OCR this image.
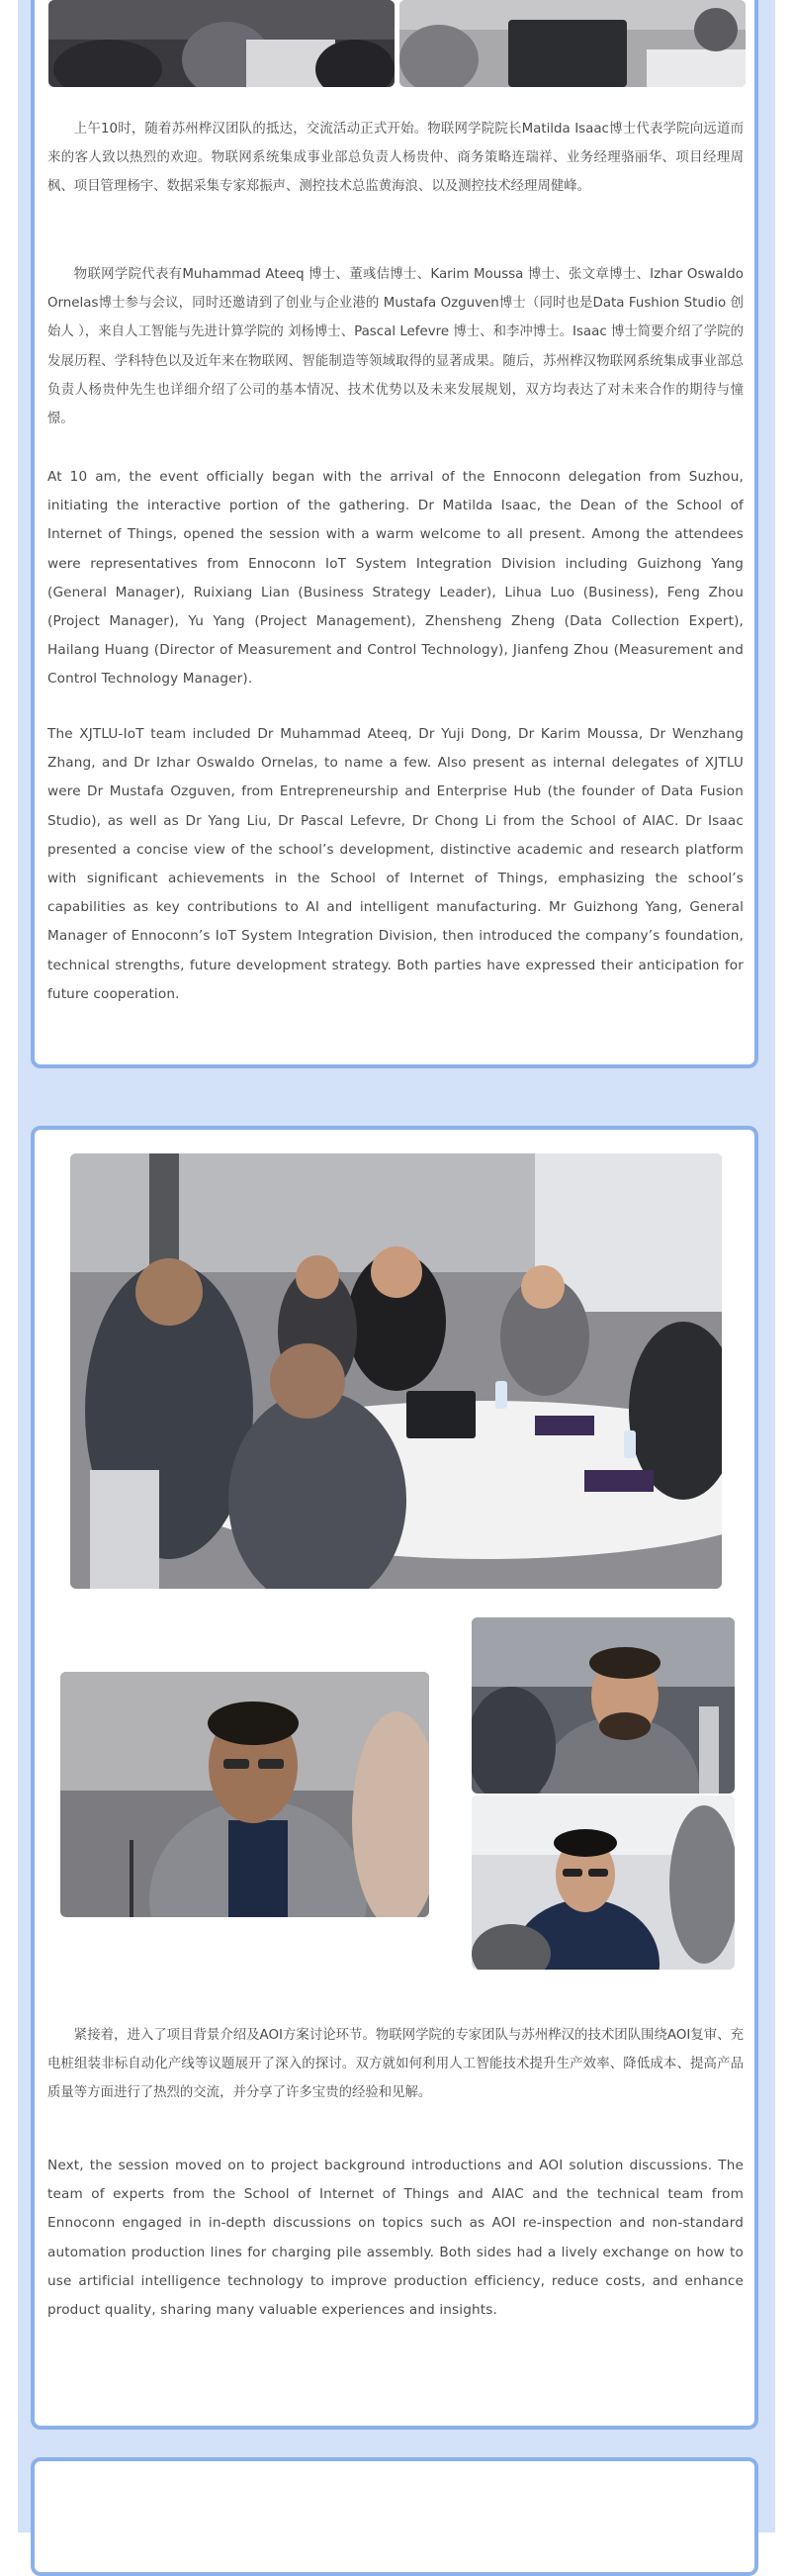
上午10时，随着苏州桦汉团队的抵达，交流活动正式开始。物联网学院院长Matilda Isaac博士代表学院向远道而来的客人致以热烈的欢迎。物联网系统集成事业部总负责人杨贵仲、商务策略连瑞祥、业务经理骆丽华、项目经理周枫、项目管理杨宇、数据采集专家郑振声、测控技术总监黄海浪、以及测控技术经理周健峰。

物联网学院代表有Muhammad Ateeq 博士、董彧佶博士、Karim Moussa 博士、张文章博士、Izhar Oswaldo Ornelas博士参与会议，同时还邀请到了创业与企业港的 Mustafa Ozguven博士（同时也是Data Fushion Studio 创始人 ），来自人工智能与先进计算学院的 刘杨博士、Pascal Lefevre 博士、和李冲博士。Isaac 博士简要介绍了学院的发展历程、学科特色以及近年来在物联网、智能制造等领域取得的显著成果。随后，苏州桦汉物联网系统集成事业部总负责人杨贵仲先生也详细介绍了公司的基本情况、技术优势以及未来发展规划，双方均表达了对未来合作的期待与憧憬。

At 10 am, the event officially began with the arrival of the Ennoconn delegation from Suzhou, initiating the interactive portion of the gathering. Dr Matilda Isaac, the Dean of the School of Internet of Things, opened the session with a warm welcome to all present. Among the attendees were representatives from Ennoconn IoT System Integration Division including Guizhong Yang (General Manager), Ruixiang Lian (Business Strategy Leader), Lihua Luo (Business), Feng Zhou (Project Manager), Yu Yang (Project Management), Zhensheng Zheng (Data Collection Expert), Hailang Huang (Director of Measurement and Control Technology), Jianfeng Zhou (Measurement and Control Technology Manager).

The XJTLU-IoT team included Dr Muhammad Ateeq, Dr Yuji Dong, Dr Karim Moussa, Dr Wenzhang Zhang, and Dr Izhar Oswaldo Ornelas, to name a few. Also present as internal delegates of XJTLU were Dr Mustafa Ozguven, from Entrepreneurship and Enterprise Hub (the founder of Data Fusion Studio), as well as Dr Yang Liu, Dr Pascal Lefevre, Dr Chong Li from the School of AIAC. Dr Isaac presented a concise view of the school’s development, distinctive academic and research platform with significant achievements in the School of Internet of Things, emphasizing the school’s capabilities as key contributions to AI and intelligent manufacturing. Mr Guizhong Yang, General Manager of Ennoconn’s IoT System Integration Division, then introduced the company’s foundation, technical strengths, future development strategy. Both parties have expressed their anticipation for future cooperation.

紧接着，进入了项目背景介绍及AOI方案讨论环节。物联网学院的专家团队与苏州桦汉的技术团队围绕AOI复审、充电桩组装非标自动化产线等议题展开了深入的探讨。双方就如何利用人工智能技术提升生产效率、降低成本、提高产品质量等方面进行了热烈的交流，并分享了许多宝贵的经验和见解。

Next, the session moved on to project background introductions and AOI solution discussions. The team of experts from the School of Internet of Things and AIAC and the technical team from Ennoconn engaged in in-depth discussions on topics such as AOI re-inspection and non-standard automation production lines for charging pile assembly. Both sides had a lively exchange on how to use artificial intelligence technology to improve production efficiency, reduce costs, and enhance product quality, sharing many valuable experiences and insights.
